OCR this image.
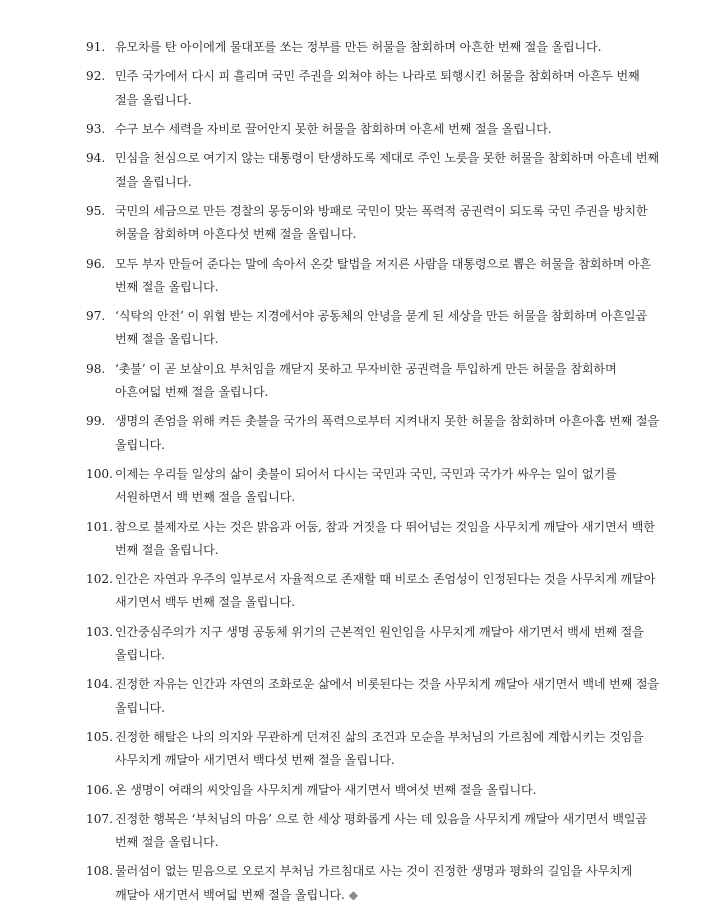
91. 유모차를 탄 아이에게 물대포를 쏘는 정부를 만든 허물을 참회하며 아흔한 번째 절을 올립니다.
92. 민주 국가에서 다시 피 흘리며 국민 주권을 외쳐야 하는 나라로 퇴행시킨 허물을 참회하며 아흔두 번째 절을 올립니다.
93. 수구 보수 세력을 자비로 끌어안지 못한 허물을 참회하며 아흔세 번째 절을 올립니다.
94. 민심을 천심으로 여기지 않는 대통령이 탄생하도록 제대로 주인 노릇을 못한 허물을 참회하며 아흔네 번째 절을 올립니다.
95. 국민의 세금으로 만든 경찰의 몽둥이와 방패로 국민이 맞는 폭력적 공권력이 되도록 국민 주권을 방치한 허물을 참회하며 아흔다섯 번째 절을 올립니다.
96. 모두 부자 만들어 준다는 말에 속아서 온갖 탈법을 저지른 사람을 대통령으로 뽑은 허물을 참회하며 아흔 번째 절을 올립니다.
97. ‘식탁의 안전’ 이 위협 받는 지경에서야 공동체의 안녕을 묻게 된 세상을 만든 허물을 참회하며 아흔일곱 번째 절을 올립니다.
98. ‘촛불’ 이 곧 보살이요 부처임을 깨닫지 못하고 무자비한 공권력을 투입하게 만든 허물을 참회하며 아흔여덟 번째 절을 올립니다.
99. 생명의 존엄을 위해 켜든 촛불을 국가의 폭력으로부터 지켜내지 못한 허물을 참회하며 아흔아홉 번째 절을 올립니다.
100. 이제는 우리들 일상의 삶이 촛불이 되어서 다시는 국민과 국민, 국민과 국가가 싸우는 일이 없기를 서원하면서 백 번째 절을 올립니다.
101. 참으로 불제자로 사는 것은 밝음과 어둠, 참과 거짓을 다 뛰어넘는 것임을 사무치게 깨달아 새기면서 백한 번째 절을 올립니다.
102. 인간은 자연과 우주의 일부로서 자율적으로 존재할 때 비로소 존엄성이 인정된다는 것을 사무치게 깨달아 새기면서 백두 번째 절을 올립니다.
103. 인간중심주의가 지구 생명 공동체 위기의 근본적인 원인임을 사무치게 깨달아 새기면서 백세 번째 절을 올립니다.
104. 진정한 자유는 인간과 자연의 조화로운 삶에서 비롯된다는 것을 사무치게 깨달아 새기면서 백네 번째 절을 올립니다.
105. 진정한 해탈은 나의 의지와 무관하게 던져진 삶의 조건과 모순을 부처님의 가르침에 계합시키는 것임을 사무치게 깨달아 새기면서 백다섯 번째 절을 올립니다.
106. 온 생명이 여래의 씨앗임을 사무치게 깨달아 새기면서 백여섯 번째 절을 올립니다.
107. 진정한 행복은 ‘부처님의 마음’ 으로 한 세상 평화롭게 사는 데 있음을 사무치게 깨달아 새기면서 백일곱 번째 절을 올립니다.
108. 물러섬이 없는 믿음으로 오로지 부처님 가르침대로 사는 것이 진정한 생명과 평화의 길임을 사무치게 깨달아 새기면서 백여덟 번째 절을 올립니다. ◆
